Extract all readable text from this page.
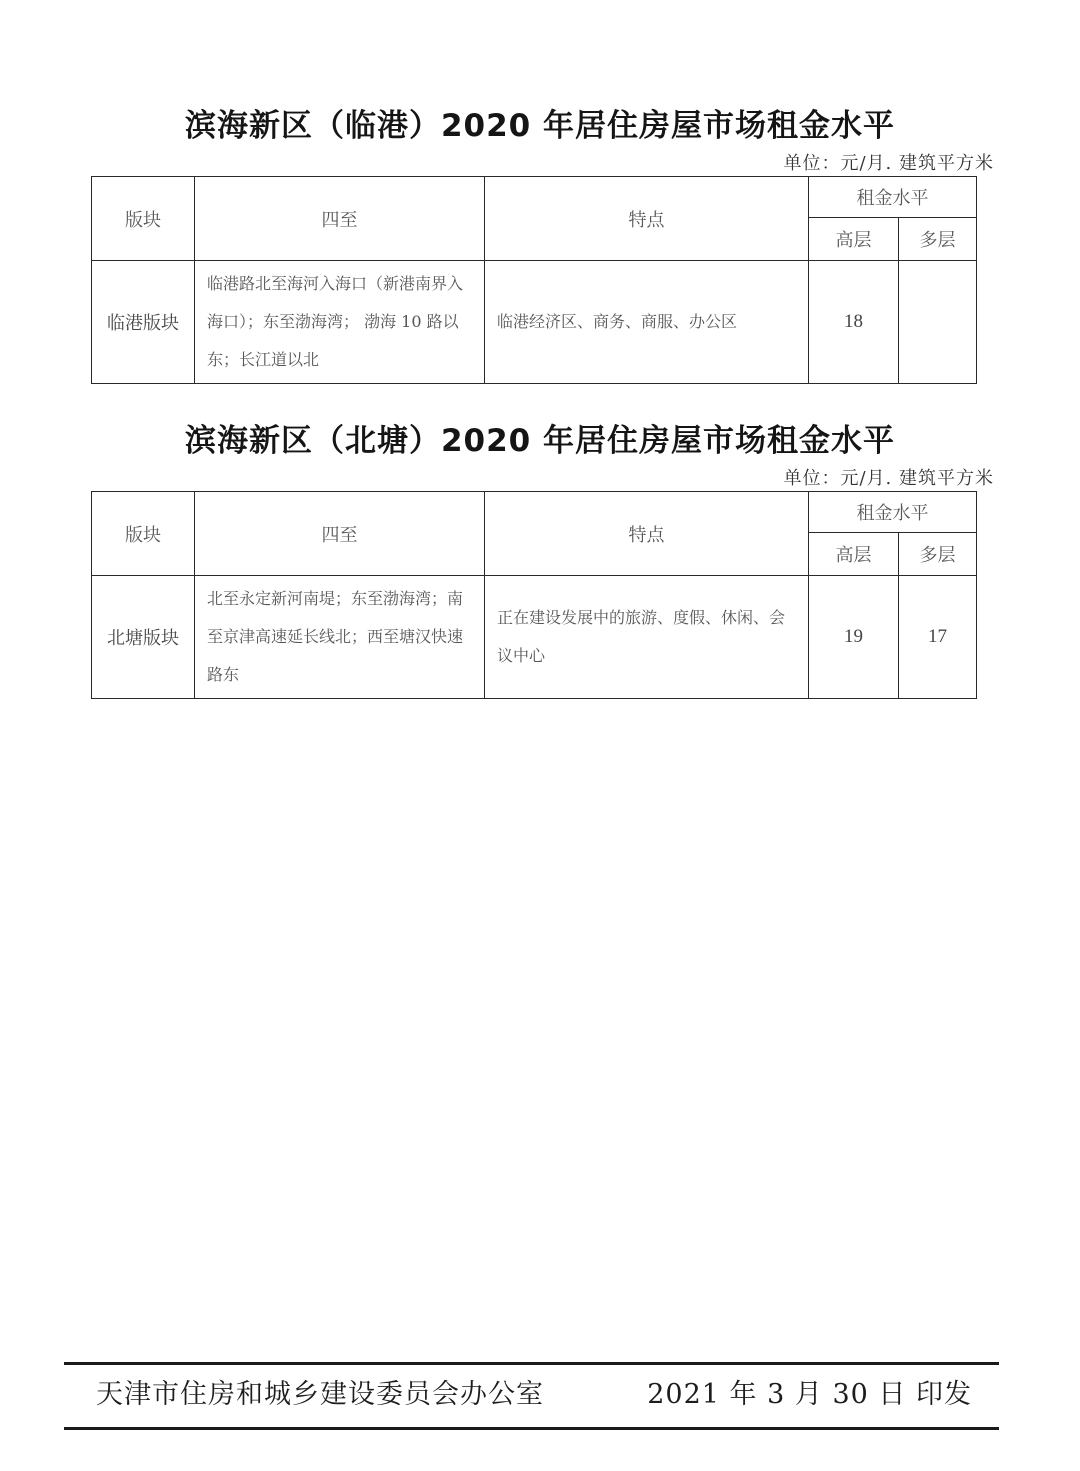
滨海新区（临港）2020 年居住房屋市场租金水平
单位：元/月. 建筑平方米
版块	四至	特点	租金水平	
			高层	多层
临港版块	临港路北至海河入海口（新港南界入海口）；东至渤海湾； 渤海 10 路以东；长江道以北	临港经济区、商务、商服、办公区	18	
滨海新区（北塘）2020 年居住房屋市场租金水平
单位：元/月. 建筑平方米
版块	四至	特点	租金水平	
			高层	多层
北塘版块	北至永定新河南堤；东至渤海湾；南至京津高速延长线北；西至塘汉快速路东	正在建设发展中的旅游、度假、休闲、会议中心	19	17
天津市住房和城乡建设委员会办公室	2021 年 3 月 30 日 印发
